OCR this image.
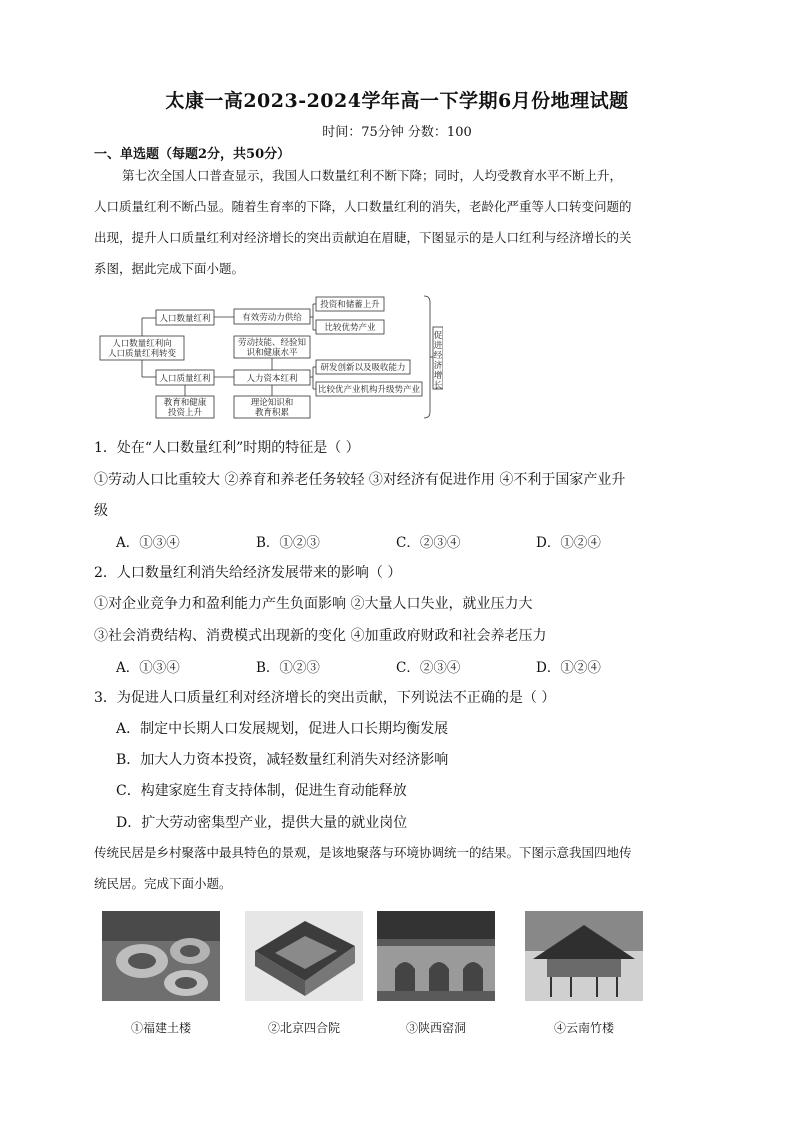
太康一高2023-2024学年高一下学期6月份地理试题
时间：75分钟 分数：100
一、单选题（每题2分，共50分）
第七次全国人口普查显示，我国人口数量红利不断下降；同时，人均受教育水平不断上升，
人口质量红利不断凸显。随着生育率的下降，人口数量红利的消失，老龄化严重等人口转变问题的
出现，提升人口质量红利对经济增长的突出贡献迫在眉睫，下图显示的是人口红利与经济增长的关
系图，据此完成下面小题。
人口数量红利向
人口质量红利转变
人口数量红利
人口质量红利
有效劳动力供给
劳动技能、经验知
识和健康水平
人力资本红利
教育和健康
投资上升
理论知识和
教育积累
投资和储蓄上升
比较优势产业
研发创新以及吸收能力
比较优产业机构升级势产业
促
进
经
济
增
长
1．处在“人口数量红利”时期的特征是（ ）
①劳动人口比重较大 ②养育和养老任务较轻 ③对经济有促进作用 ④不利于国家产业升
级
A．①③④	B．①②③	C．②③④	D．①②④
2．人口数量红利消失给经济发展带来的影响（ ）
①对企业竞争力和盈利能力产生负面影响 ②大量人口失业，就业压力大
③社会消费结构、消费模式出现新的变化 ④加重政府财政和社会养老压力
A．①③④	B．①②③	C．②③④	D．①②④
3．为促进人口质量红利对经济增长的突出贡献，下列说法不正确的是（ ）
A．制定中长期人口发展规划，促进人口长期均衡发展
B．加大人力资本投资，减轻数量红利消失对经济影响
C．构建家庭生育支持体制，促进生育动能释放
D．扩大劳动密集型产业，提供大量的就业岗位
传统民居是乡村聚落中最具特色的景观，是该地聚落与环境协调统一的结果。下图示意我国四地传
统民居。完成下面小题。
①福建土楼	②北京四合院	③陕西窑洞	④云南竹楼
